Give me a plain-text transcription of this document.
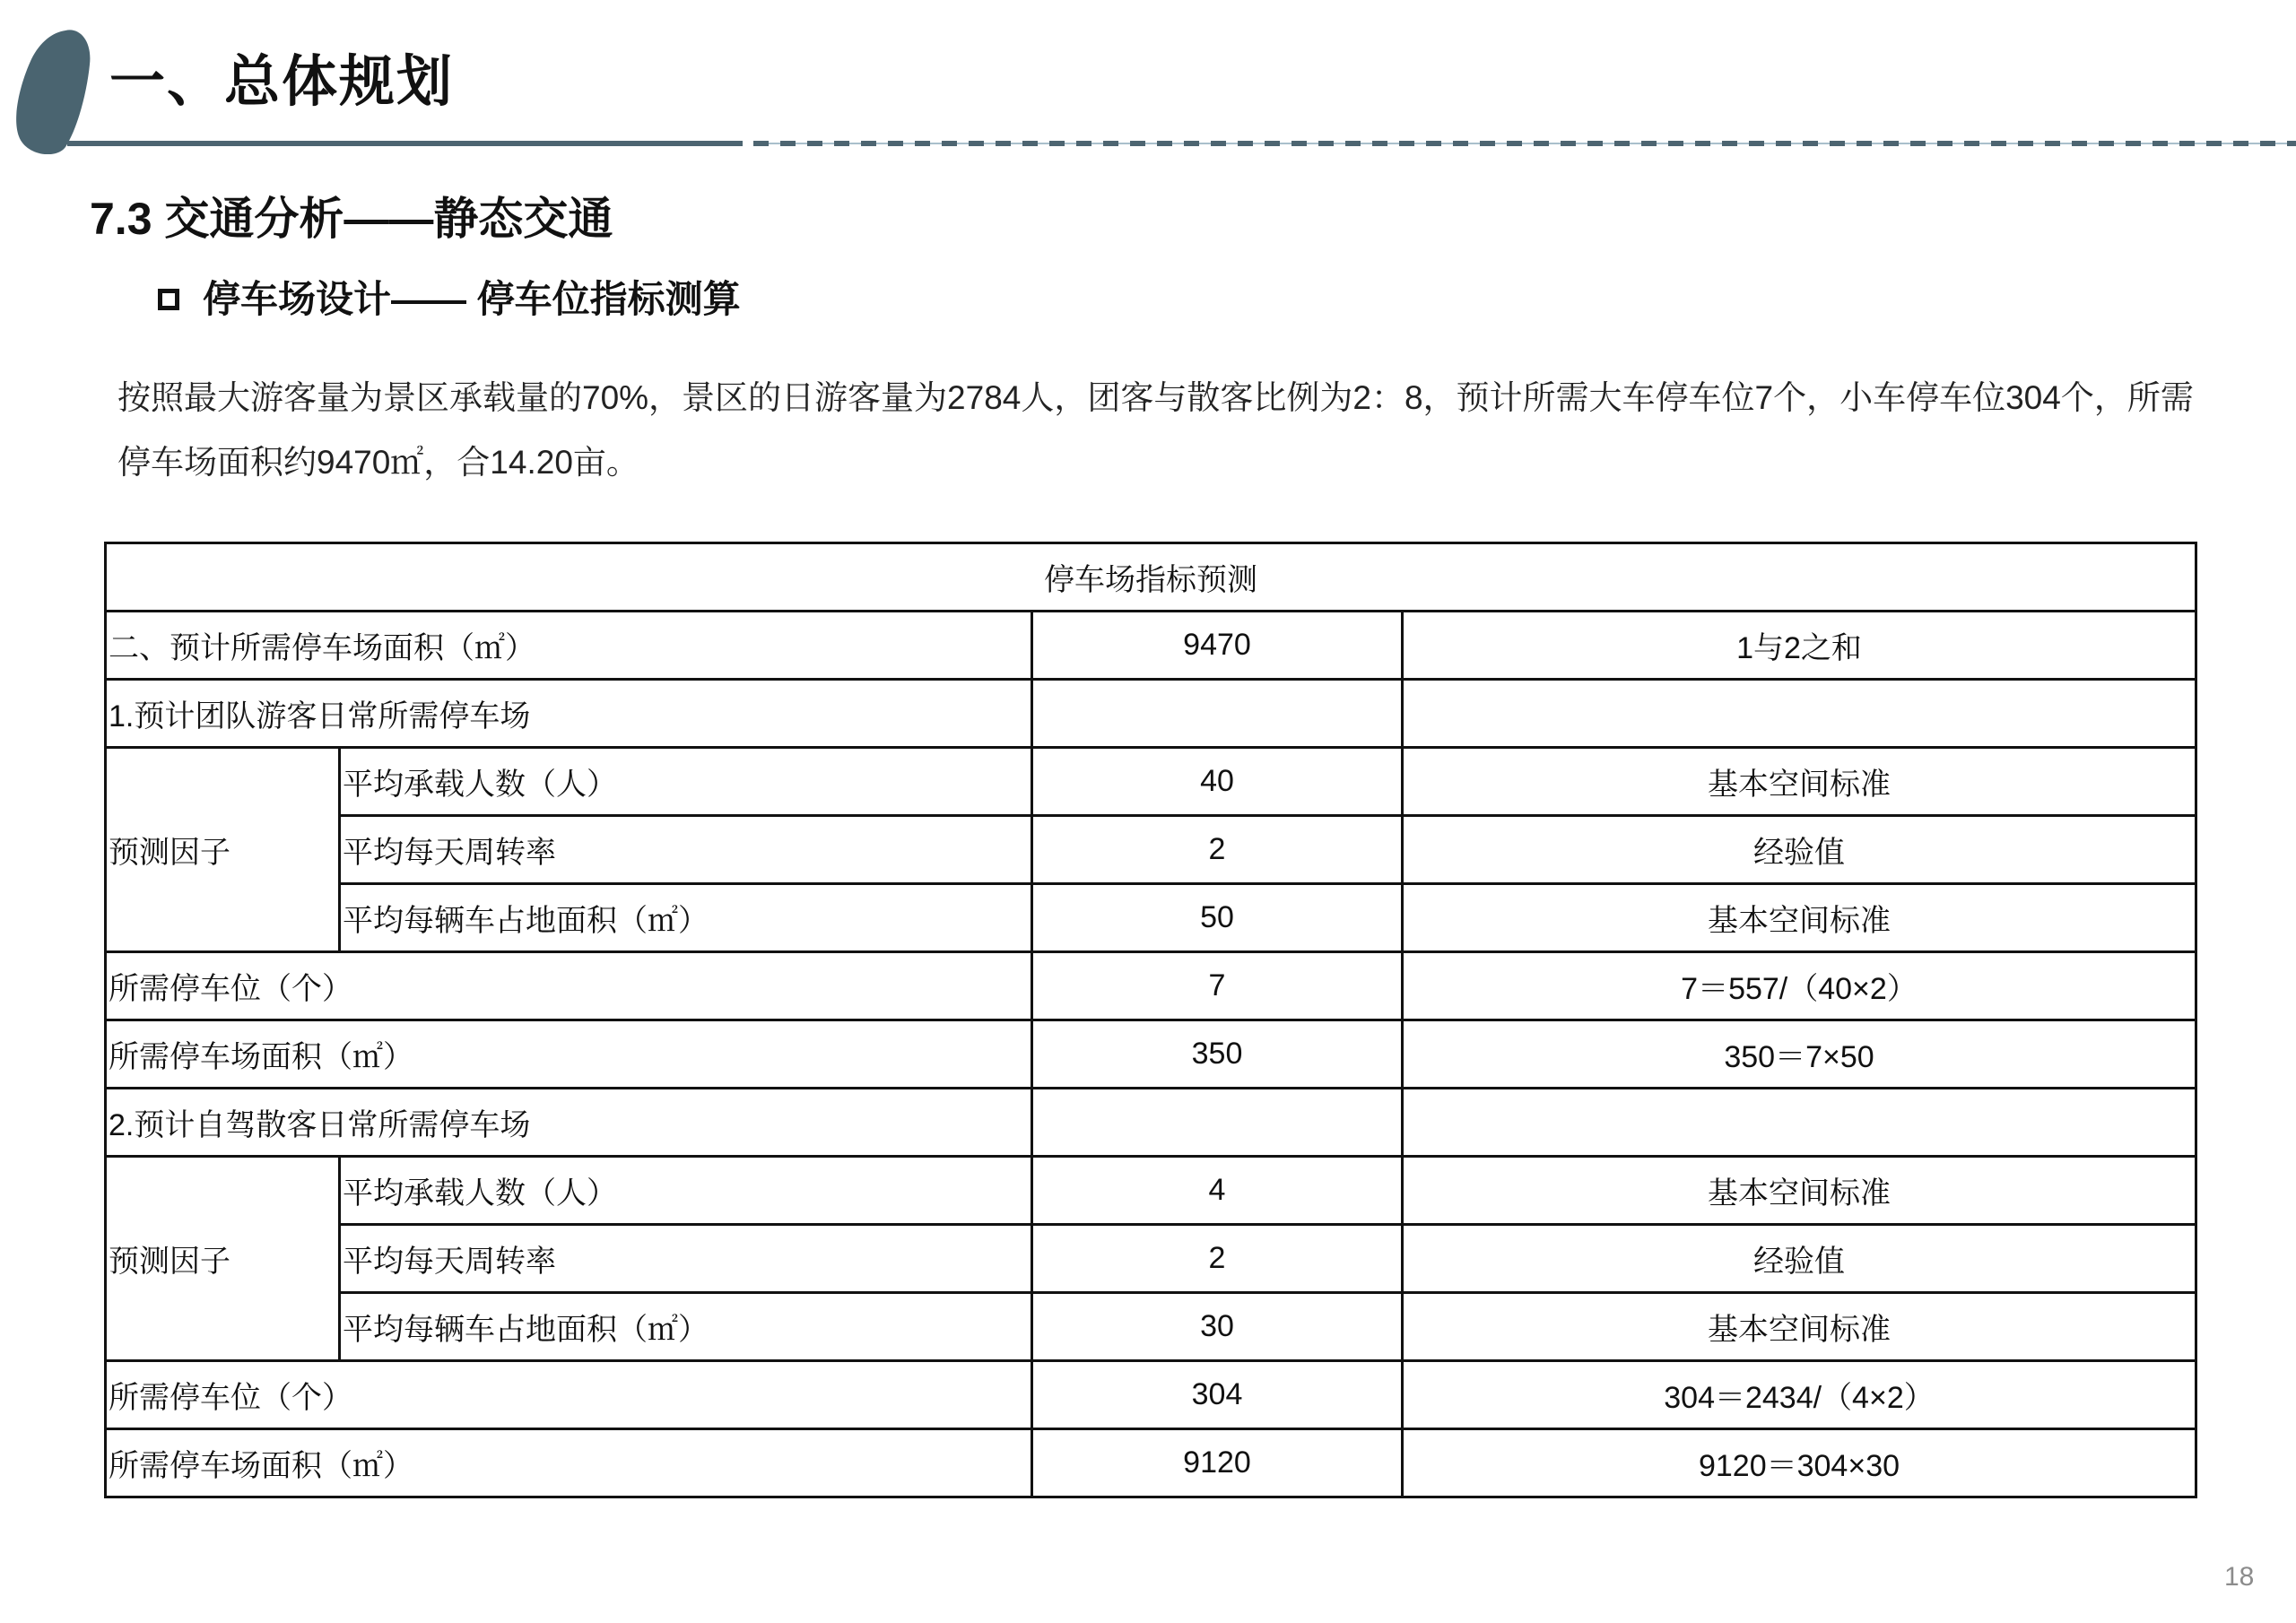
一、总体规划
7.3 交通分析——静态交通
停车场设计—— 停车位指标测算
按照最大游客量为景区承载量的70%，景区的日游客量为2784人，团客与散客比例为2：8，预计所需大车停车位7个，小车停车位304个，所需停车场面积约9470㎡，合14.20亩。
停车场指标预测			
二、预计所需停车场面积（㎡）		9470	1与2之和
1.预计团队游客日常所需停车场			
预测因子	平均承载人数（人）	40	基本空间标准
	平均每天周转率	2	经验值
	平均每辆车占地面积（㎡）	50	基本空间标准
所需停车位（个）		7	7＝557/（40×2）
所需停车场面积（㎡）		350	350＝7×50
2.预计自驾散客日常所需停车场			
预测因子	平均承载人数（人）	4	基本空间标准
	平均每天周转率	2	经验值
	平均每辆车占地面积（㎡）	30	基本空间标准
所需停车位（个）		304	304＝2434/（4×2）
所需停车场面积（㎡）		9120	9120＝304×30
18
